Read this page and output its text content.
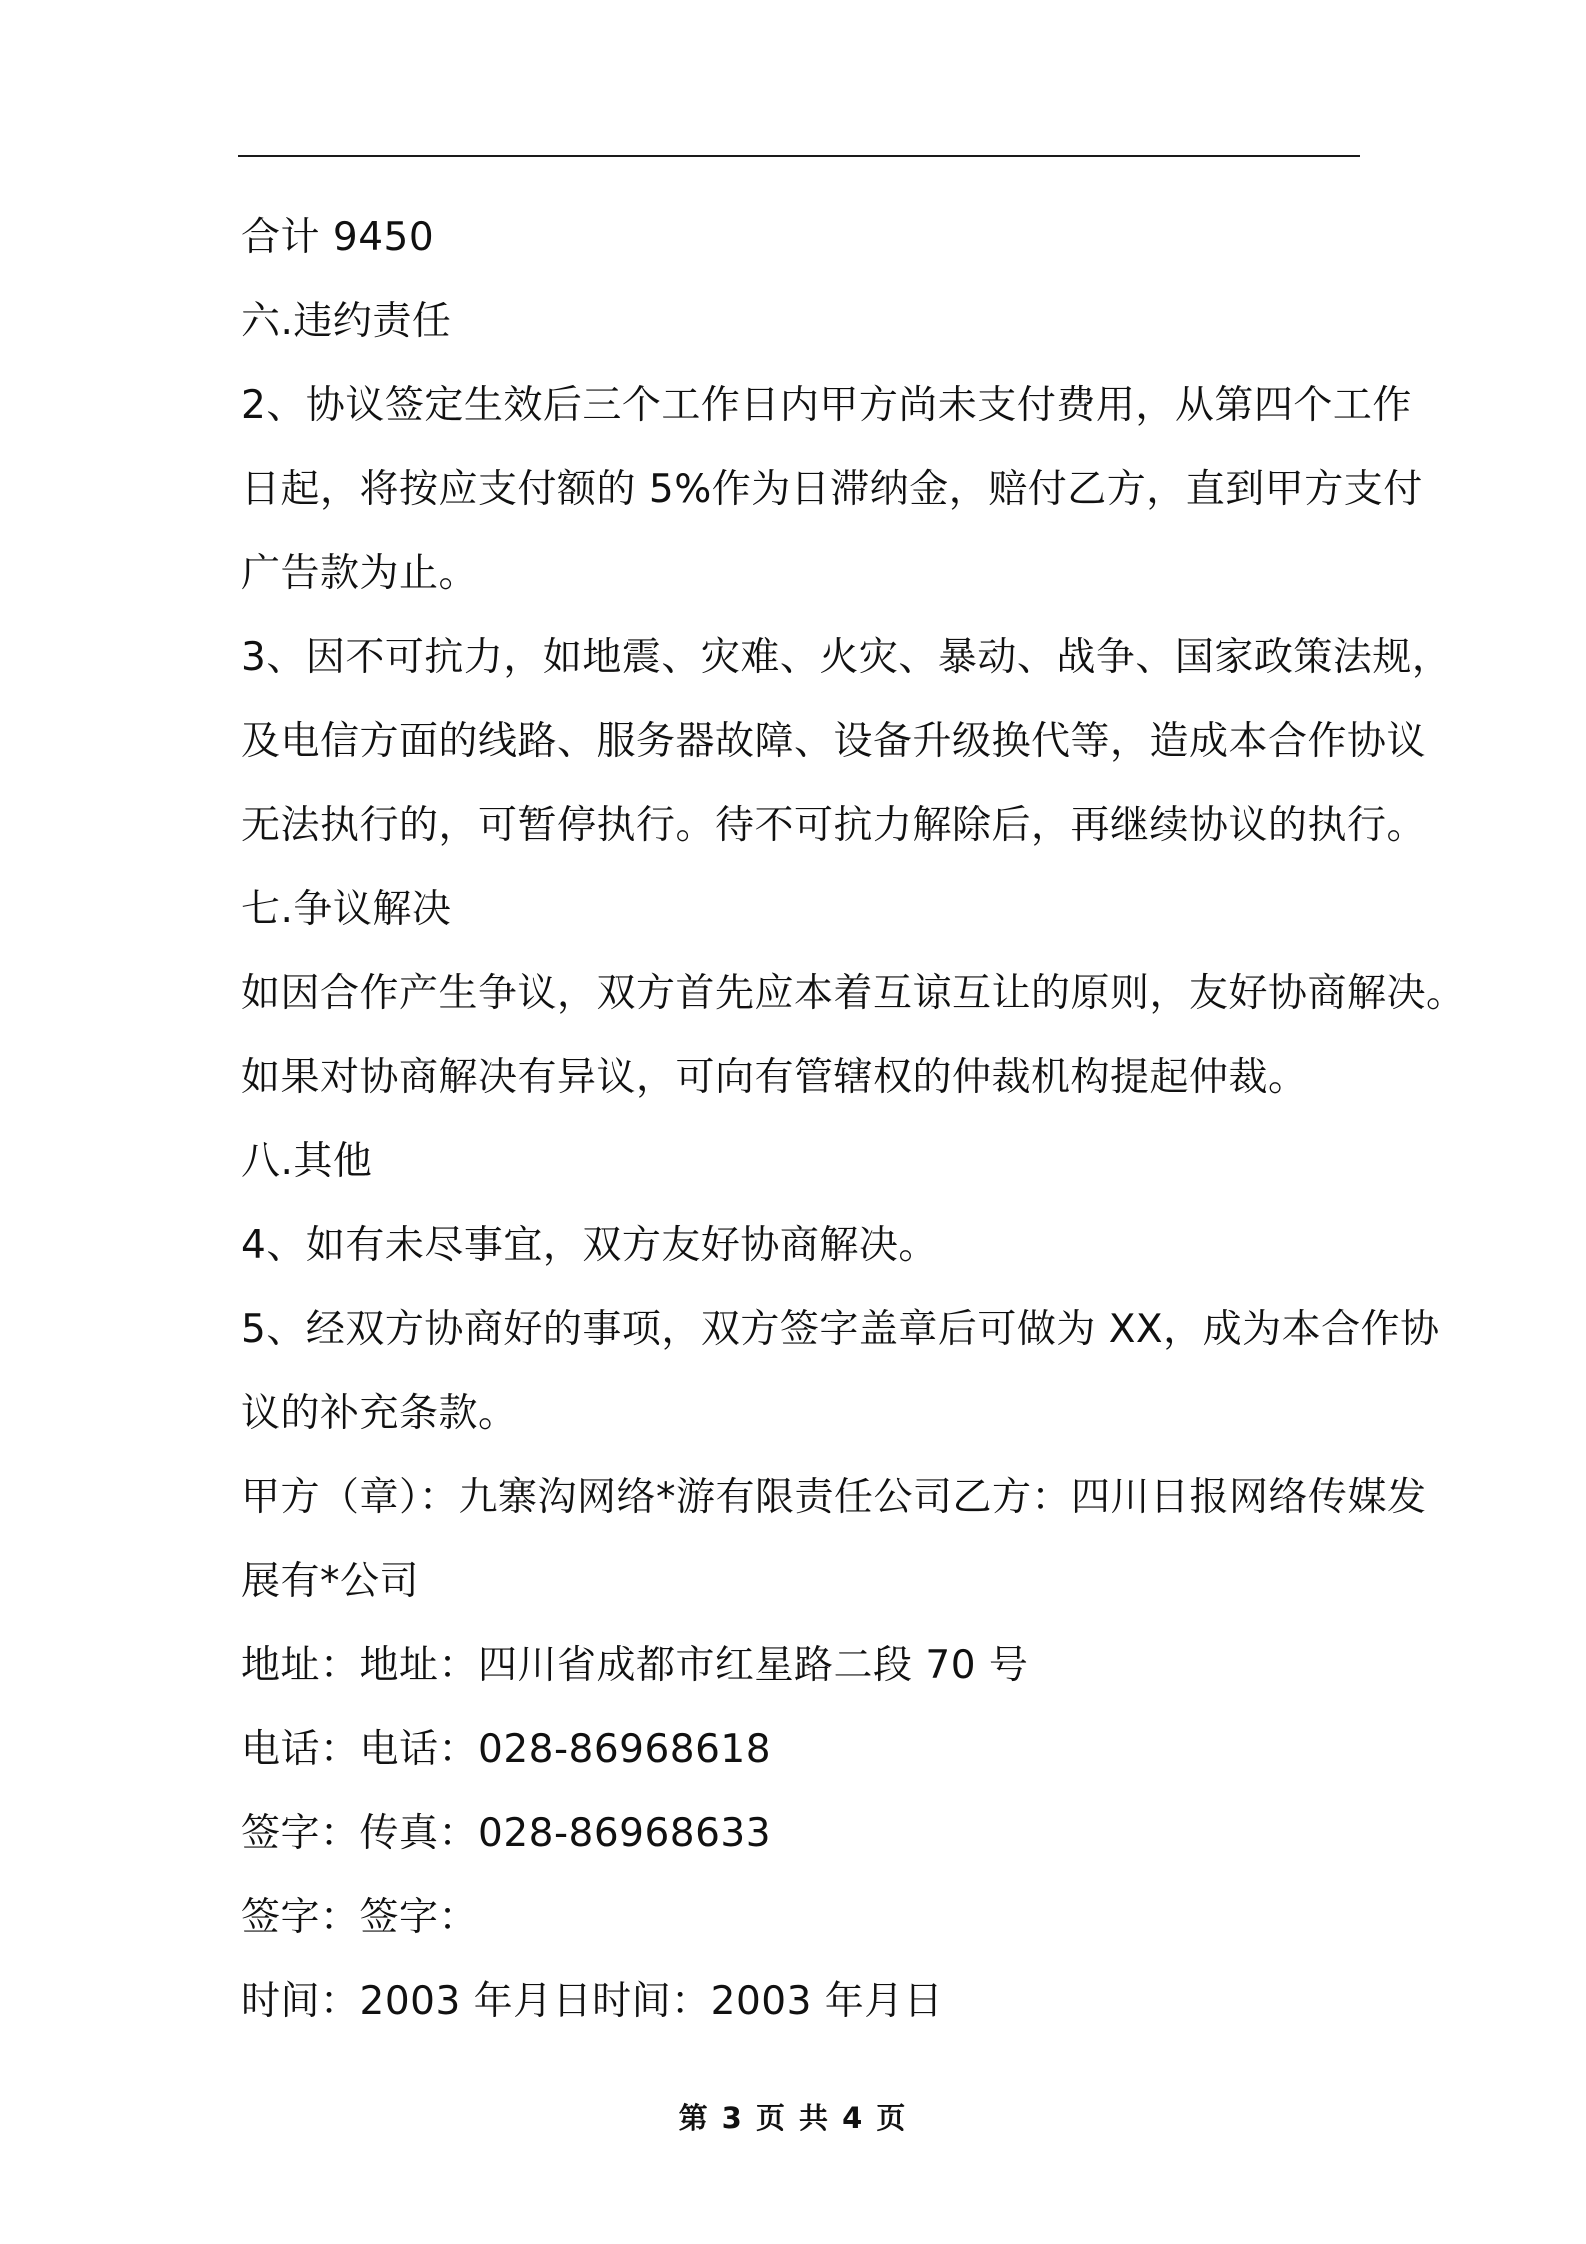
合计 9450
六.违约责任
2、协议签定生效后三个工作日内甲方尚未支付费用，从第四个工作
日起，将按应支付额的 5%作为日滞纳金，赔付乙方，直到甲方支付
广告款为止。
3、因不可抗力，如地震、灾难、火灾、暴动、战争、国家政策法规，
及电信方面的线路、服务器故障、设备升级换代等，造成本合作协议
无法执行的，可暂停执行。待不可抗力解除后，再继续协议的执行。
七.争议解决
如因合作产生争议，双方首先应本着互谅互让的原则，友好协商解决。
如果对协商解决有异议，可向有管辖权的仲裁机构提起仲裁。
八.其他
4、如有未尽事宜，双方友好协商解决。
5、经双方协商好的事项，双方签字盖章后可做为 XX，成为本合作协
议的补充条款。
甲方（章）：九寨沟网络*游有限责任公司乙方：四川日报网络传媒发
展有*公司
地址：地址：四川省成都市红星路二段 70 号
电话：电话：028-86968618
签字：传真：028-86968633
签字：签字：
时间：2003 年月日时间：2003 年月日
第 3 页 共 4 页
